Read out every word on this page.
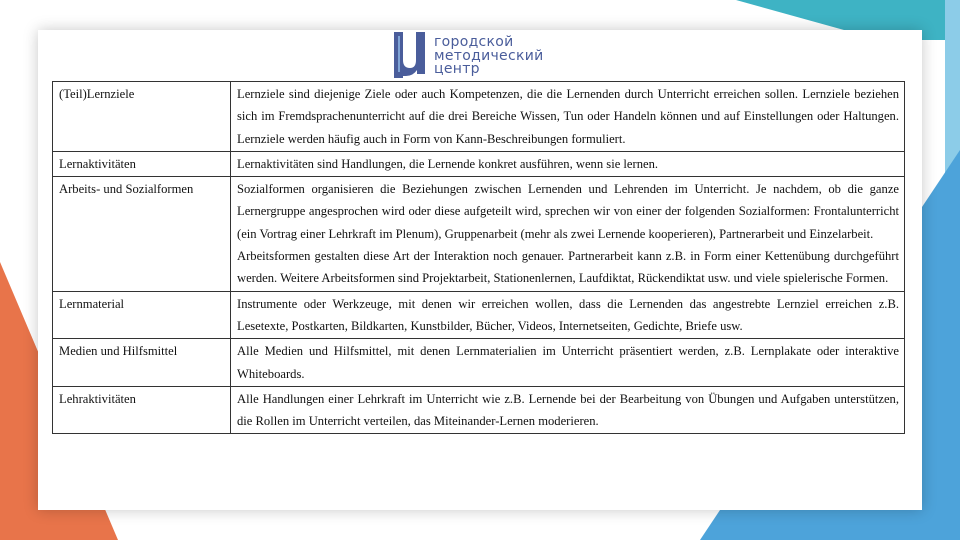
городской
методический
центр
(Teil)Lernziele	Lernziele sind diejenige Ziele oder auch Kompetenzen, die die Lernenden durch Unterricht erreichen sollen. Lernziele beziehen sich im Fremdsprachenunterricht auf die drei Bereiche Wissen, Tun oder Handeln können und auf Einstellungen oder Haltungen. Lernziele werden häufig auch in Form von Kann-Beschreibungen formuliert.

Lernaktivitäten	Lernaktivitäten sind Handlungen, die Lernende konkret ausführen, wenn sie lernen.

Arbeits- und Sozialformen	Sozialformen organisieren die Beziehungen zwischen Lernenden und Lehrenden im Unterricht. Je nachdem, ob die ganze Lernergruppe angesprochen wird oder diese aufgeteilt wird, sprechen wir von einer der folgenden Sozialformen: Frontalunterricht (ein Vortrag einer Lehrkraft im Plenum), Gruppenarbeit (mehr als zwei Lernende kooperieren), Partnerarbeit und Einzelarbeit.

Arbeitsformen gestalten diese Art der Interaktion noch genauer. Partnerarbeit kann z.B. in Form einer Kettenübung durchgeführt werden. Weitere Arbeitsformen sind Projektarbeit, Stationenlernen, Laufdiktat, Rückendiktat usw. und viele spielerische Formen.

Lernmaterial	Instrumente oder Werkzeuge, mit denen wir erreichen wollen, dass die Lernenden das angestrebte Lernziel erreichen z.B. Lesetexte, Postkarten, Bildkarten, Kunstbilder, Bücher, Videos, Internetseiten, Gedichte, Briefe usw.

Medien und Hilfsmittel	Alle Medien und Hilfsmittel, mit denen Lernmaterialien im Unterricht präsentiert werden, z.B. Lernplakate oder interaktive Whiteboards.

Lehraktivitäten	Alle Handlungen einer Lehrkraft im Unterricht wie z.B. Lernende bei der Bearbeitung von Übungen und Aufgaben unterstützen, die Rollen im Unterricht verteilen, das Miteinander-Lernen moderieren.
